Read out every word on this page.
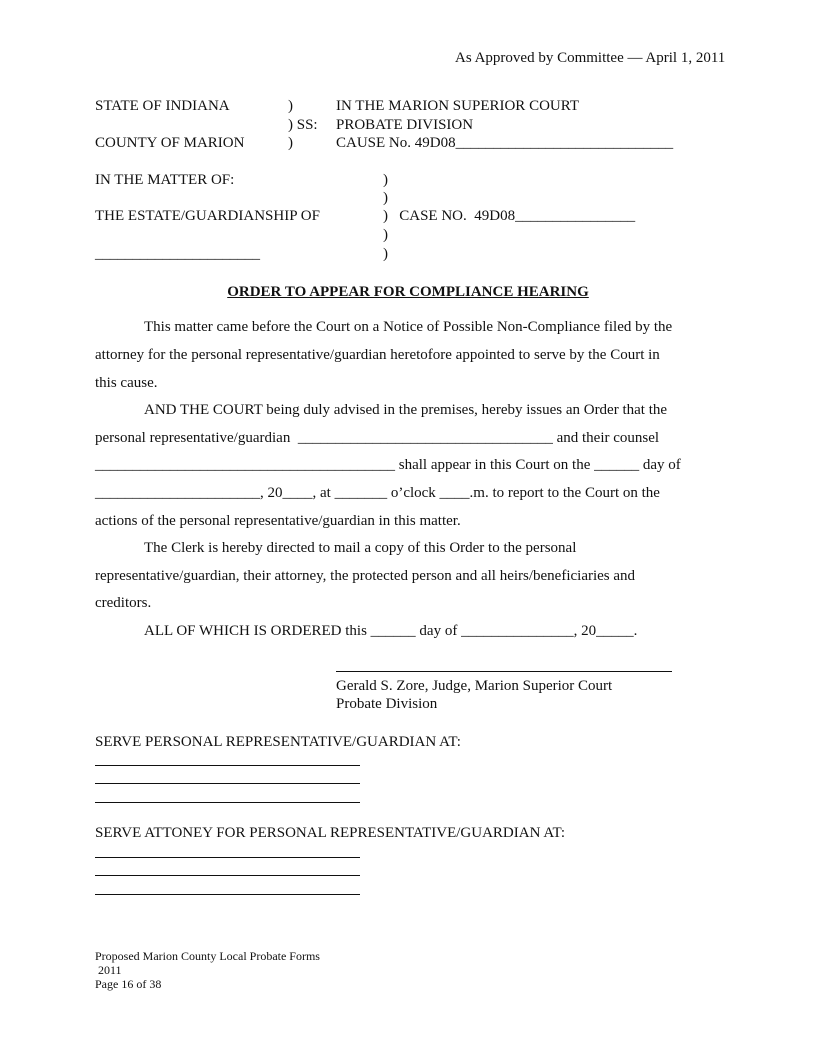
As Approved by Committee — April 1, 2011
STATE OF INDIANA
COUNTY OF MARION
)
) SS:
)
IN THE MARION SUPERIOR COURT
PROBATE DIVISION
CAUSE No. 49D08_____________________________
IN THE MATTER OF:
THE ESTATE/GUARDIANSHIP OF
______________________
)
)
)   CASE NO.  49D08________________
)
)
ORDER TO APPEAR FOR COMPLIANCE HEARING
This matter came before the Court on a Notice of Possible Non-Compliance filed by the
attorney for the personal representative/guardian heretofore appointed to serve by the Court in
this cause.
AND THE COURT being duly advised in the premises, hereby issues an Order that the
personal representative/guardian  __________________________________ and their counsel
________________________________________ shall appear in this Court on the ______ day of
______________________, 20____, at _______ o’clock ____.m. to report to the Court on the
actions of the personal representative/guardian in this matter.
The Clerk is hereby directed to mail a copy of this Order to the personal
representative/guardian, their attorney, the protected person and all heirs/beneficiaries and
creditors.
ALL OF WHICH IS ORDERED this ______ day of _______________, 20_____.
Gerald S. Zore, Judge, Marion Superior Court
Probate Division
SERVE PERSONAL REPRESENTATIVE/GUARDIAN AT:
SERVE ATTONEY FOR PERSONAL REPRESENTATIVE/GUARDIAN AT:
Proposed Marion County Local Probate Forms
2011
Page 16 of 38
